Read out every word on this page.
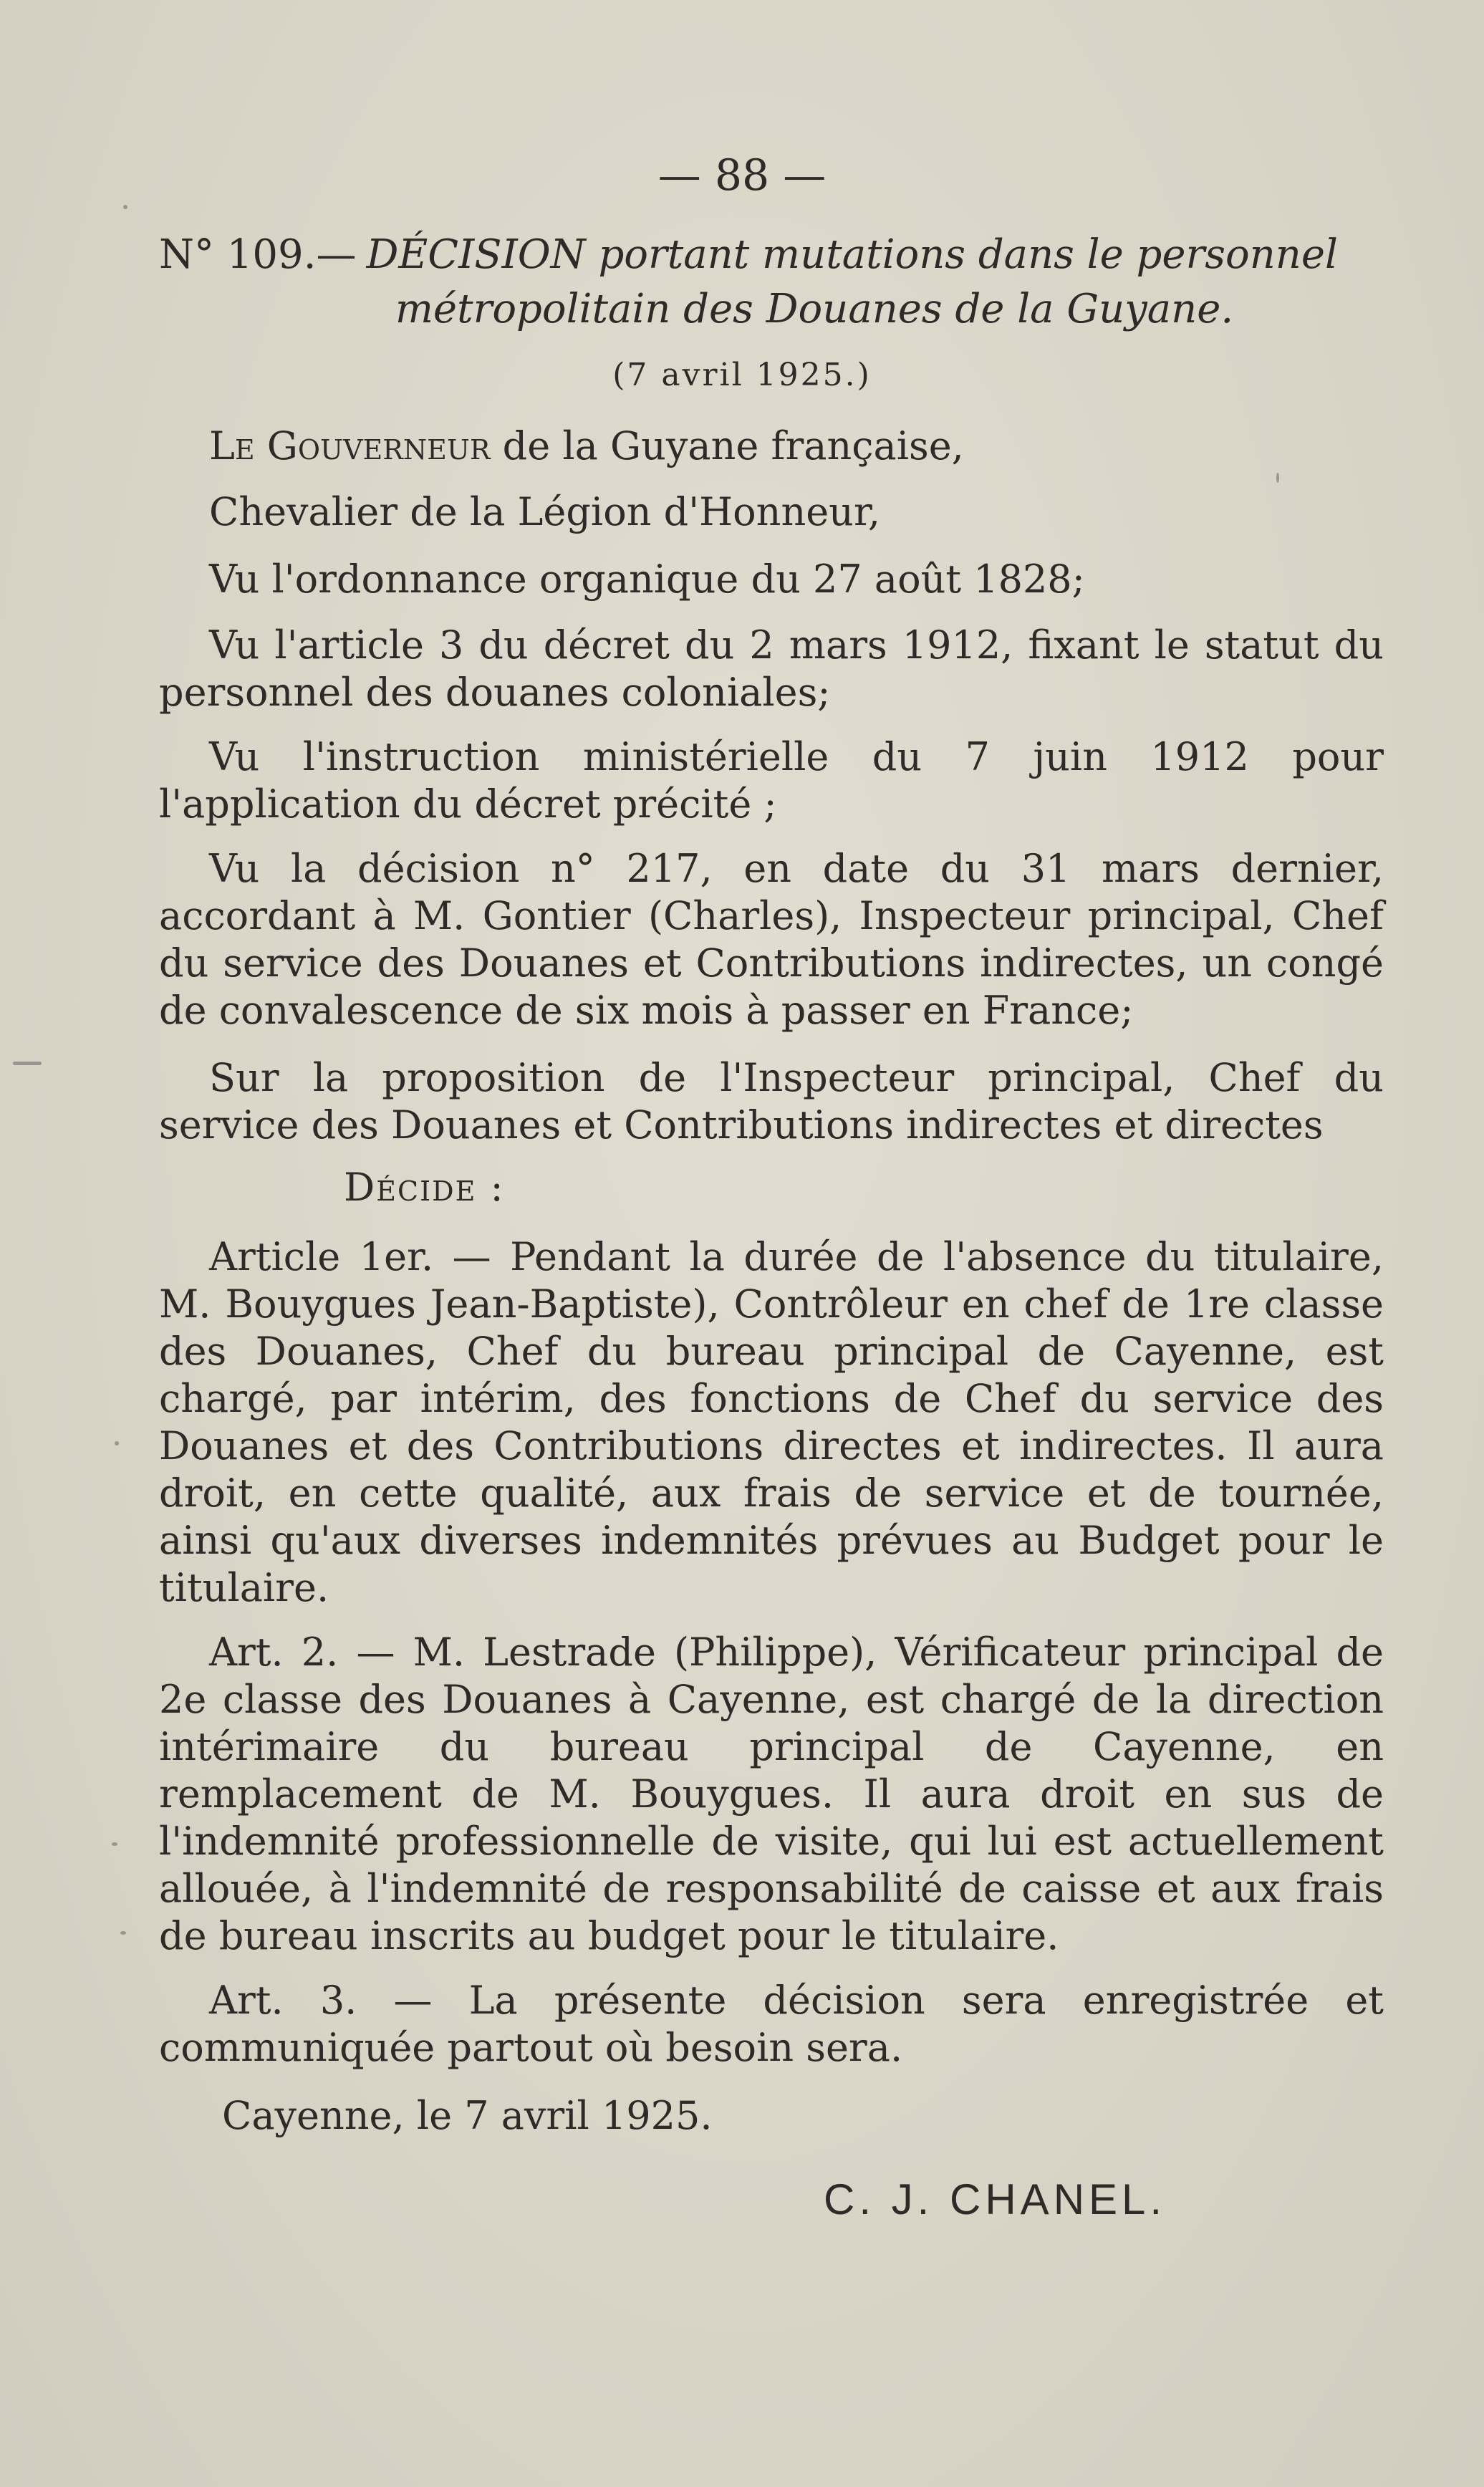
— 88 —
N° 109.— DÉCISION portant mutations dans le personnel
métropolitain des Douanes de la Guyane.
(7 avril 1925.)
Le Gouverneur de la Guyane française,
Chevalier de la Légion d'Honneur,
Vu l'ordonnance organique du 27 août 1828;
Vu l'article 3 du décret du 2 mars 1912, fixant le statut du personnel des douanes coloniales;
Vu l'instruction ministérielle du 7 juin 1912 pour l'application du décret précité ;
Vu la décision n° 217, en date du 31 mars dernier, accordant à M. Gontier (Charles), Inspecteur principal, Chef du service des Douanes et Contributions indirectes, un congé de convalescence de six mois à passer en France;
Sur la proposition de l'Inspecteur principal, Chef du service des Douanes et Contributions indirectes et directes
Décide :
Article 1er. — Pendant la durée de l'absence du titulaire, M. Bouygues Jean-Baptiste), Contrôleur en chef de 1re classe des Douanes, Chef du bureau principal de Cayenne, est chargé, par intérim, des fonctions de Chef du service des Douanes et des Contributions directes et indirectes. Il aura droit, en cette qualité, aux frais de service et de tournée, ainsi qu'aux diverses indemnités prévues au Budget pour le titulaire.
Art. 2. — M. Lestrade (Philippe), Vérificateur principal de 2e classe des Douanes à Cayenne, est chargé de la direction intérimaire du bureau principal de Cayenne, en remplacement de M. Bouygues. Il aura droit en sus de l'indemnité professionnelle de visite, qui lui est actuellement allouée, à l'indemnité de responsabilité de caisse et aux frais de bureau inscrits au budget pour le titulaire.
Art. 3. — La présente décision sera enregistrée et communiquée partout où besoin sera.
Cayenne, le 7 avril 1925.
C. J. CHANEL.
